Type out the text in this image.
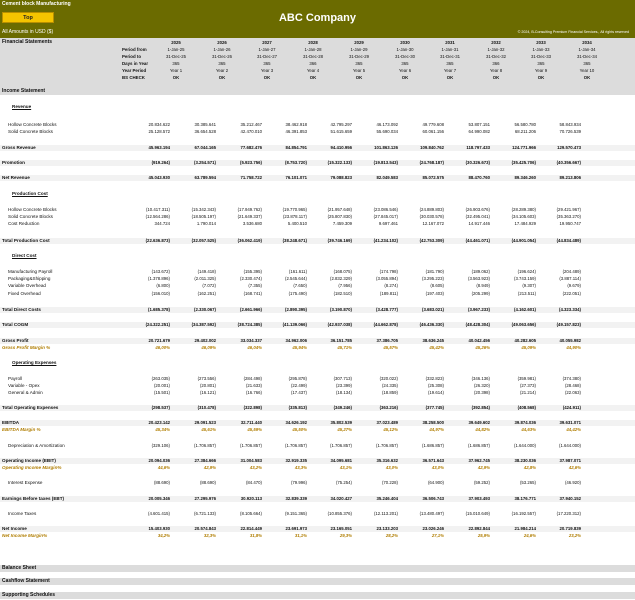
Cement block Manufacturing
Top	ABC Company
All Amounts in USD ($)	© 2024, B-Consulting Premium Financial Services., All rights reserved
Financial Statements	2025	2026	2027	2028	2029	2030	2031	2032	2033	2034
Period from	1-Jan-25	1-Jan-26	1-Jan-27	1-Jan-28	1-Jan-29	1-Jan-30	1-Jan-31	1-Jan-32	1-Jan-33	1-Jan-34
Period to	31-Dec-25	31-Dec-26	31-Dec-27	31-Dec-28	31-Dec-29	31-Dec-30	31-Dec-31	31-Dec-32	31-Dec-33	31-Dec-34
Days in Year	365	365	365	366	365	365	365	366	365	365
Year Period	Year 1	Year 2	Year 3	Year 4	Year 5	Year 6	Year 7	Year 8	Year 9	Year 10
BS CHECK	OK	OK	OK	OK	OK	OK	OK	OK	OK	OK
Income Statement
Revenue
Hollow Concrete Blocks	20.834.622	30.385.641	35.212.467	38.462.918	42.795.297	46.173.092	49.779.608	53.807.151	56.580.780	58.843.934
Solid Concrete Blocks	25.128.572	36.654.528	42.470.010	46.391.853	51.615.659	55.690.034	60.061.156	64.990.082	68.211.206	70.726.539
Gross Revenue	45.963.194	67.044.165	77.682.476	84.854.791	94.410.956	101.863.126	109.840.762	118.797.433	124.771.966	129.570.473
Promotion	(919.264)	(3.254.571)	(5.923.756)	(8.753.720)	(15.322.133)	(19.813.543)	(24.768.187)	(30.326.673)	(35.425.706)	(40.356.667)
Net Revenue	45.043.930	63.789.594	71.758.722	76.101.071	79.088.823	82.049.583	85.072.575	88.470.760	89.346.260	89.213.806
Production Cost
Hollow Concrete Blocks	(10.417.311)	(15.342.343)	(17.949.762)	(19.770.965)	(21.957.648)	(23.086.546)	(24.889.803)	(26.903.676)	(28.289.380)	(29.421.967)
Solid Concrete Blocks	(12.564.286)	(18.505.197)	(21.649.337)	(23.878.117)	(25.807.830)	(27.845.017)	(30.030.578)	(32.495.041)	(34.105.603)	(35.363.270)
Cost Reduction	344.724	1.790.014	3.536.680	5.400.510	7.459.309	9.697.461	12.167.072	14.917.446	17.484.929	19.950.747
Total Production Cost	(22.636.873)	(32.057.525)	(36.062.419)	(38.248.671)	(39.746.169)	(41.234.102)	(42.753.309)	(44.461.071)	(44.901.054)	(44.834.489)
Direct Cost
Manufacturing Payroll	(143.672)	(149.418)	(155.395)	(161.611)	(168.075)	(174.798)	(181.790)	(189.062)	(196.624)	(204.489)
Packaging&Shipping	(1.378.896)	(2.011.325)	(2.330.474)	(2.545.644)	(2.832.329)	(3.055.894)	(3.295.223)	(3.563.923)	(3.743.159)	(3.887.114)
Variable Overhead	(6.800)	(7.072)	(7.355)	(7.650)	(7.956)	(8.274)	(8.605)	(8.949)	(9.307)	(9.679)
Fixed Overhead	(156.010)	(162.251)	(168.741)	(175.490)	(182.510)	(189.811)	(197.403)	(205.299)	(213.511)	(222.051)
Total Direct Costs	(1.685.378)	(2.330.067)	(2.661.966)	(2.890.395)	(3.190.870)	(3.428.777)	(3.683.021)	(3.967.233)	(4.162.601)	(4.323.334)
Total COGM	(24.322.251)	(34.387.592)	(38.724.385)	(41.139.066)	(42.937.038)	(44.662.878)	(46.436.330)	(48.428.304)	(49.063.656)	(49.157.823)
Gross Profit	20.721.679	29.402.002	33.034.337	34.962.006	36.151.785	37.386.705	38.636.245	40.042.456	40.282.605	40.055.982
Gross Profit Margin %	46,00%	46,09%	46,04%	45,94%	45,71%	45,57%	45,42%	45,26%	45,09%	44,90%
Operating Expenses
Payroll	(263.035)	(273.556)	(284.498)	(295.878)	(307.713)	(320.022)	(332.823)	(346.136)	(359.981)	(374.380)
Variable - Opex	(20.001)	(20.801)	(21.633)	(22.499)	(23.399)	(24.335)	(25.308)	(26.320)	(27.373)	(28.468)
General & Admin	(15.501)	(16.121)	(16.766)	(17.437)	(18.134)	(18.859)	(19.614)	(20.398)	(21.214)	(22.063)
Total Operating Expenses	(298.537)	(310.478)	(322.898)	(335.813)	(349.246)	(363.216)	(377.745)	(392.854)	(408.568)	(424.911)
EBITDA	20.423.142	29.091.523	32.711.440	34.626.192	35.802.539	37.023.489	38.258.500	39.649.602	39.874.036	39.631.071
EBITDA Margin %	45,34%	45,61%	45,59%	45,50%	45,27%	45,12%	44,97%	44,82%	44,63%	44,42%
Depreciation & Amortization	(329.106)	(1.706.857)	(1.706.857)	(1.706.857)	(1.706.857)	(1.706.857)	(1.686.857)	(1.686.857)	(1.644.000)	(1.644.000)
Operating Income (EBIT)	20.094.036	27.384.666	31.004.583	32.919.335	34.095.681	35.316.632	36.571.643	37.962.745	38.230.036	37.987.071
Operating Income Margin%	44,6%	42,9%	43,2%	43,3%	43,1%	43,0%	43,0%	42,9%	42,8%	42,6%
Interest Expense	(88.690)	(88.690)	(84.470)	(79.996)	(75.254)	(70.228)	(64.900)	(59.252)	(53.265)	(46.920)
Earnings Before taxes (EBT)	20.005.346	27.295.976	30.920.113	32.839.339	34.020.427	35.246.404	36.506.743	37.903.493	38.176.771	37.940.152
Income Taxes	(4.601.415)	(6.721.133)	(8.105.664)	(9.151.365)	(10.855.376)	(12.113.201)	(13.480.497)	(15.010.649)	(16.192.557)	(17.220.312)
Net Income	15.403.930	20.574.843	22.814.449	23.691.973	23.165.051	23.133.203	23.026.246	22.892.844	21.984.214	20.719.839
Net Income Margin%	34,2%	32,3%	31,8%	31,1%	29,3%	28,2%	27,1%	25,9%	24,6%	23,2%
Balance Sheet
Cashflow Statement
Supporting Schedules
